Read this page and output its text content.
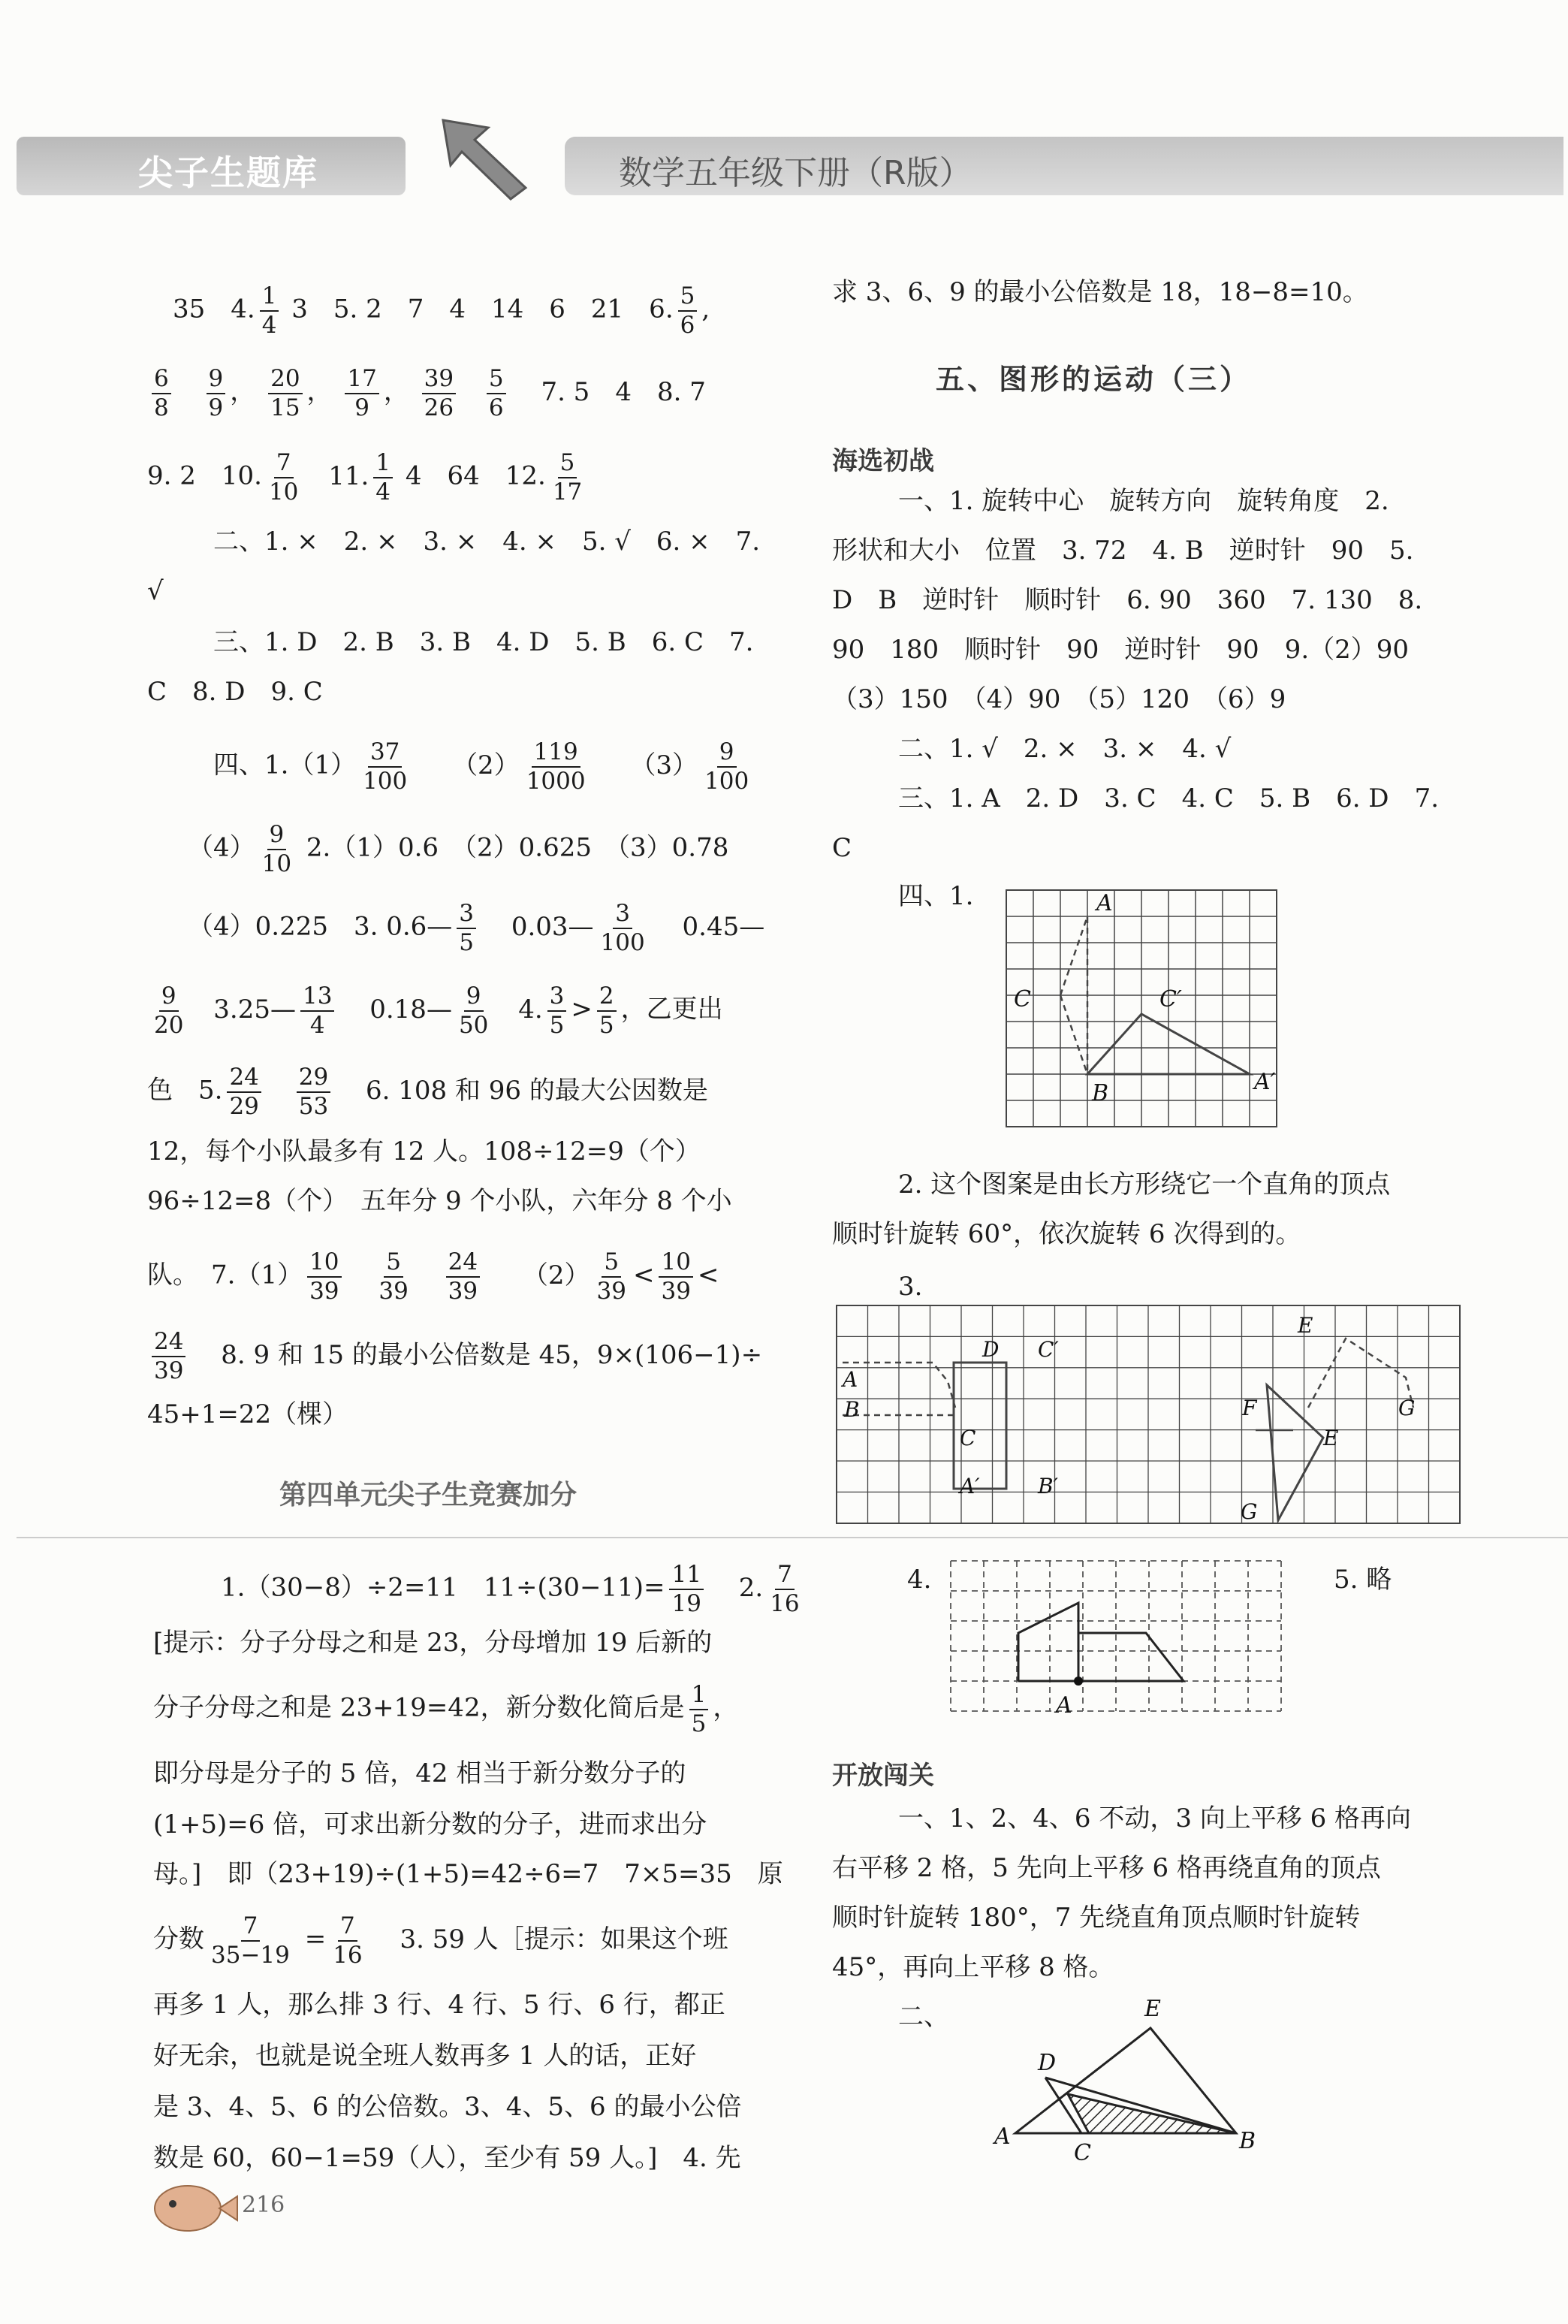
尖子生题库	数学五年级下册（R版）
35　4. $\frac{1}{4} 3$　5. 2　7　4　14　6　21　6. $\frac{5}{6}$ ,
$\frac{6}{8}$
$\frac{9}{9}$ ， $\frac{20}{15}$ ， $\frac{17}{9}$ ， $\frac{39}{26}$
$\frac{5}{6} 7$. 5　4　8. 7
9. 2　10. $\frac{7}{10} 11$. $\frac{1}{4} 4$　64　12. $\frac{5}{17}$
二、1. ×　2. ×　3. ×　4. ×　5. √　6. ×　7.
√
三、1. D　2. B　3. B　4. D　5. B　6. C　7.
C　8. D　9. C
四、$1.(1) \frac{37}{100} (2) \frac{119}{1000} (3) \frac{9}{100}$
$(4) \frac{9}{10} 2.(1)0.6$　（2）0.625　（3）0.78
（4）0.225　3. 0.6— $\frac{3}{5}$ 0.03— $\frac{3}{100}$ 0.45—
$\frac{9}{20}$ 3.25— $\frac{13}{4}$ 0.18— $\frac{9}{50} 4$. $\frac{3}{5} > \frac{2}{5}$ ，乙更出
色　5. $\frac{24}{29}$
$\frac{29}{53} 6$. 108 和 96 的最大公因数是
12，每个小队最多有 12 人。108÷12=9（个）
96÷12=8（个）　五年分 9 个小队，六年分 8 个小
队。　$7.(1) \frac{10}{39}$
$\frac{5}{39}$
$\frac{24}{39} (2) \frac{5}{39} < \frac{10}{39}$ <
$\frac{24}{39} 8$. 9 和 15 的最小公倍数是 45，9×(106−1)÷
45+1=22（棵）
第四单元尖子生竞赛加分
1.（30−8）÷2=11　$11\div(30-11)= \frac{11}{19} 2$. $\frac{7}{16}$
[提示：分子分母之和是 23，分母增加 19 后新的
分子分母之和是 23+19=42，新分数化简后是 $\frac{1}{5}$ ，
即分母是分子的 5 倍，42 相当于新分数分子的
(1+5)=6 倍，可求出新分数的分子，进而求出分
母。]　即（23+19)÷(1+5)=42÷6=7　7×5=35　原
分数 $\frac{7}{35-19} = \frac{7}{16} 3$. 59 人［提示：如果这个班
再多 1 人，那么排 3 行、4 行、5 行、6 行，都正
好无余，也就是说全班人数再多 1 人的话，正好
是 3、4、5、6 的公倍数。3、4、5、6 的最小公倍
数是 60，60−1=59（人），至少有 59 人。]　4. 先
求 3、6、9 的最小公倍数是 18，18−8=10。
五、图形的运动（三）
海选初战
一、1. 旋转中心　旋转方向　旋转角度　2.
形状和大小　位置　3. 72　4. B　逆时针　90　5.
D　B　逆时针　顺时针　6. 90　360　7. 130　8.
90　180　顺时针　90　逆时针　90　9.（2）90
（3）150　（4）90　（5）120　（6）9
二、1. √　2. ×　3. ×　4. √
三、1. A　2. D　3. C　4. C　5. B　6. D　7.
C
四、1.	A
C	C′
B	A′
2. 这个图案是由长方形绕它一个直角的顶点
顺时针旋转 60°，依次旋转 6 次得到的。
3.
A
B
D C′
C
A′	B′
E
F
E
G
G
4.	5. 略
A
开放闯关
一、1、2、4、6 不动，3 向上平移 6 格再向
右平移 2 格，5 先向上平移 6 格再绕直角的顶点
顺时针旋转 180°，7 先绕直角顶点顺时针旋转
45°，再向上平移 8 格。
二、	E
D
A
C	B
216
